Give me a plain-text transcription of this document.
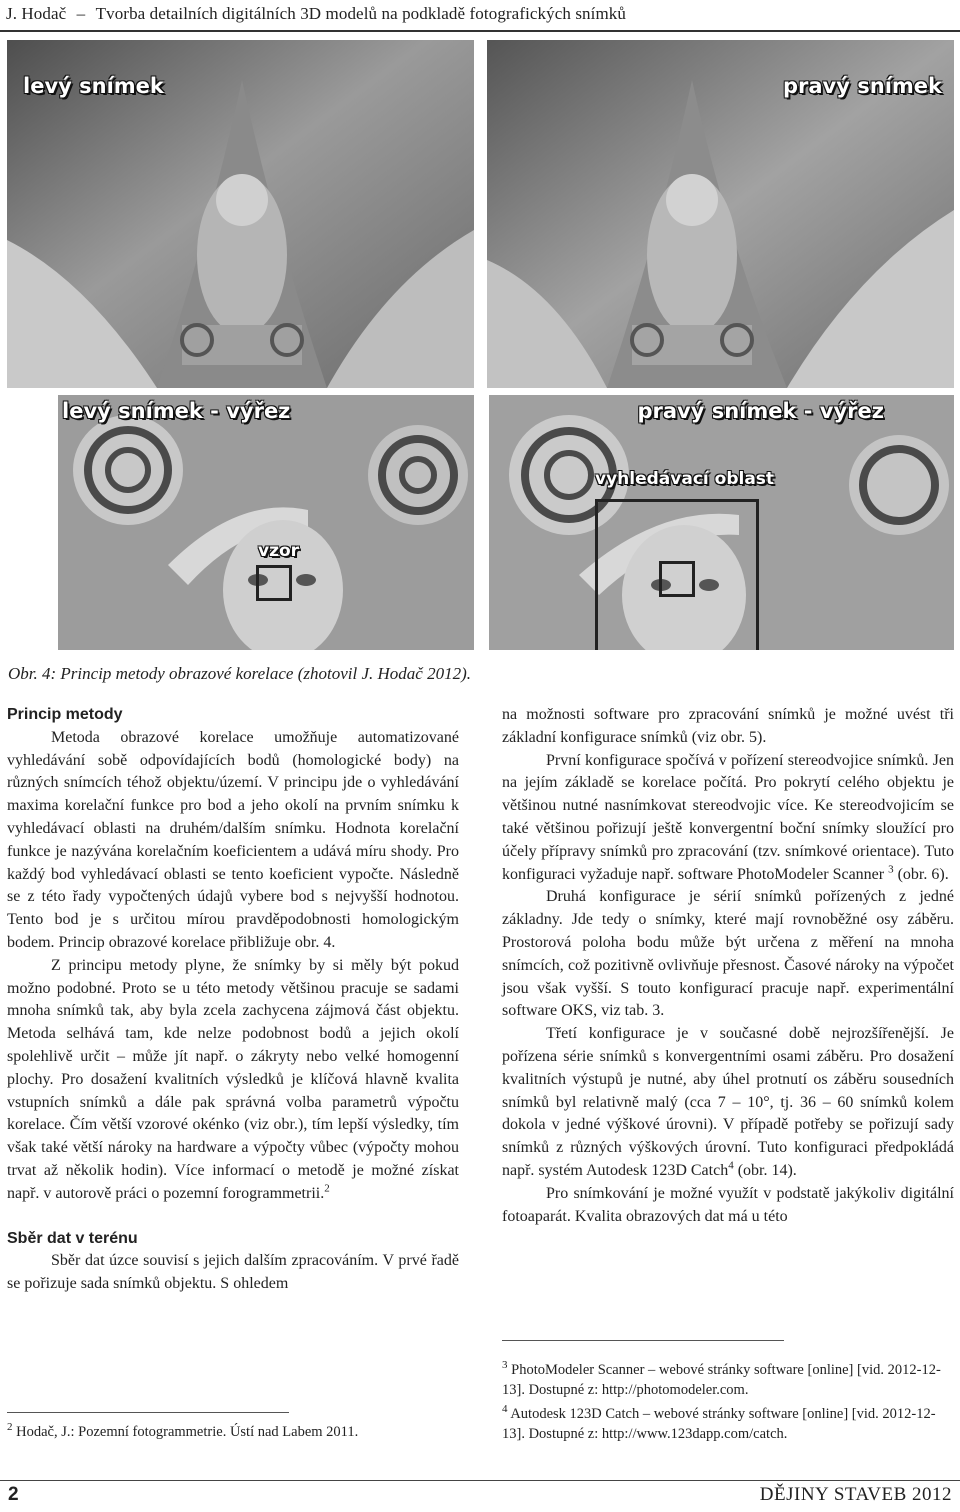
J. Hodač – Tvorba detailních digitálních 3D modelů na podkladě fotografických snímků
levý snímek	pravý snímek
levý snímek - výřez
vzor
pravý snímek - výřez
vyhledávací oblast
Obr. 4: Princip metody obrazové korelace (zhotovil J. Hodač 2012).

Princip metody

Metoda obrazové korelace umožňuje automatizované vyhledávání sobě odpovídajících bodů (homologické body) na různých snímcích téhož objektu/území. V principu jde o vyhledávání maxima korelační funkce pro bod a jeho okolí na prvním snímku k vyhledávací oblasti na druhém/dalším snímku. Hodnota korelační funkce je nazývána korelačním koeficientem a udává míru shody. Pro každý bod vyhledávací oblasti se tento koeficient vypočte. Následně se z této řady vypočtených údajů vybere bod s nejvyšší hodnotou. Tento bod je s určitou mírou pravděpodobnosti homologickým bodem. Princip obrazové korelace přibližuje obr. 4.

Z principu metody plyne, že snímky by si měly být pokud možno podobné. Proto se u této metody většinou pracuje se sadami mnoha snímků tak, aby byla zcela zachycena zájmová část objektu. Metoda selhává tam, kde nelze podobnost bodů a jejich okolí spolehlivě určit – může jít např. o zákryty nebo velké homogenní plochy. Pro dosažení kvalitních výsledků je klíčová hlavně kvalita vstupních snímků a dále pak správná volba parametrů výpočtu korelace. Čím větší vzorové okénko (viz obr.), tím lepší výsledky, tím však také větší nároky na hardware a výpočty vůbec (výpočty mohou trvat až několik hodin). Více informací o metodě je možné získat např. v autorově práci o pozemní forogrammetrii.$^2$

Sběr dat v terénu

Sběr dat úzce souvisí s jejich dalším zpracováním. V prvé řadě se pořizuje sada snímků objektu. S ohledem

$^2$ Hodač, J.: Pozemní fotogrammetrie. Ústí nad Labem 2011.

na možnosti software pro zpracování snímků je možné uvést tři základní konfigurace snímků (viz obr. 5).

První konfigurace spočívá v pořízení stereodvojice snímků. Jen na jejím základě se korelace počítá. Pro pokrytí celého objektu je většinou nutné nasnímkovat stereodvojic více. Ke stereodvojicím se také většinou pořizují ještě konvergentní boční snímky sloužící pro účely přípravy snímků pro zpracování (tzv. snímkové orientace). Tuto konfiguraci vyžaduje např. software PhotoModeler Scanner $^3$ (obr. 6).

Druhá konfigurace je sérií snímků pořízených z jedné základny. Jde tedy o snímky, které mají rovnoběžné osy záběru. Prostorová poloha bodu může být určena z měření na mnoha snímcích, což pozitivně ovlivňuje přesnost. Časové nároky na výpočet jsou však vyšší. S touto konfigurací pracuje např. experimentální software OKS, viz tab. 3.

Třetí konfigurace je v současné době nejrozšířenější. Je pořízena série snímků s konvergentními osami záběru. Pro dosažení kvalitních výstupů je nutné, aby úhel protnutí os záběru sousedních snímků byl relativně malý (cca 7 – 10°, tj. 36 – 60 snímků kolem dokola v jedné výškové úrovni). V případě potřeby se pořizují sady snímků z různých výškových úrovní. Tuto konfiguraci předpokládá např. systém Autodesk 123D Catch$^4$ (obr. 14).

Pro snímkování je možné využít v podstatě jakýkoliv digitální fotoaparát. Kvalita obrazových dat má u této

$^3$ PhotoModeler Scanner – webové stránky software [online] [vid. 2012-12-13]. Dostupné z: http://photomodeler.com.
$^4$ Autodesk 123D Catch – webové stránky software [online] [vid. 2012-12-13]. Dostupné z: http://www.123dapp.com/catch.
2	DĚJINY STAVEB 2012
